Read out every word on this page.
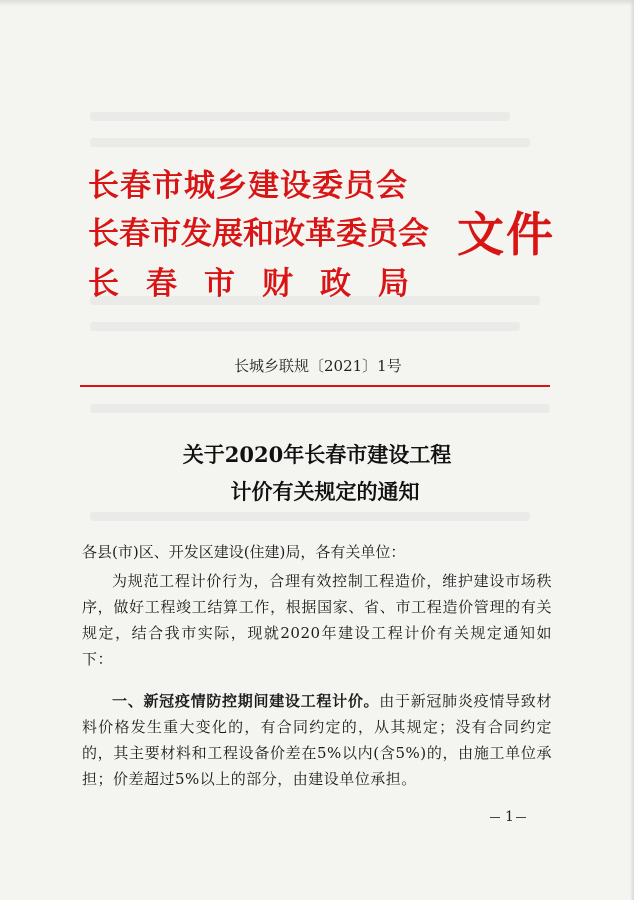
长春市城乡建设委员会
长春市发展和改革委员会
长春市财政局
文件
长城乡联规〔2021〕1号
关于2020年长春市建设工程
计价有关规定的通知
各县(市)区、开发区建设(住建)局，各有关单位：
为规范工程计价行为，合理有效控制工程造价，维护建设市场秩序，做好工程竣工结算工作，根据国家、省、市工程造价管理的有关规定，结合我市实际，现就2020年建设工程计价有关规定通知如下：
一、新冠疫情防控期间建设工程计价。由于新冠肺炎疫情导致材料价格发生重大变化的，有合同约定的，从其规定；没有合同约定的，其主要材料和工程设备价差在5%以内(含5%)的，由施工单位承担；价差超过5%以上的部分，由建设单位承担。
1
